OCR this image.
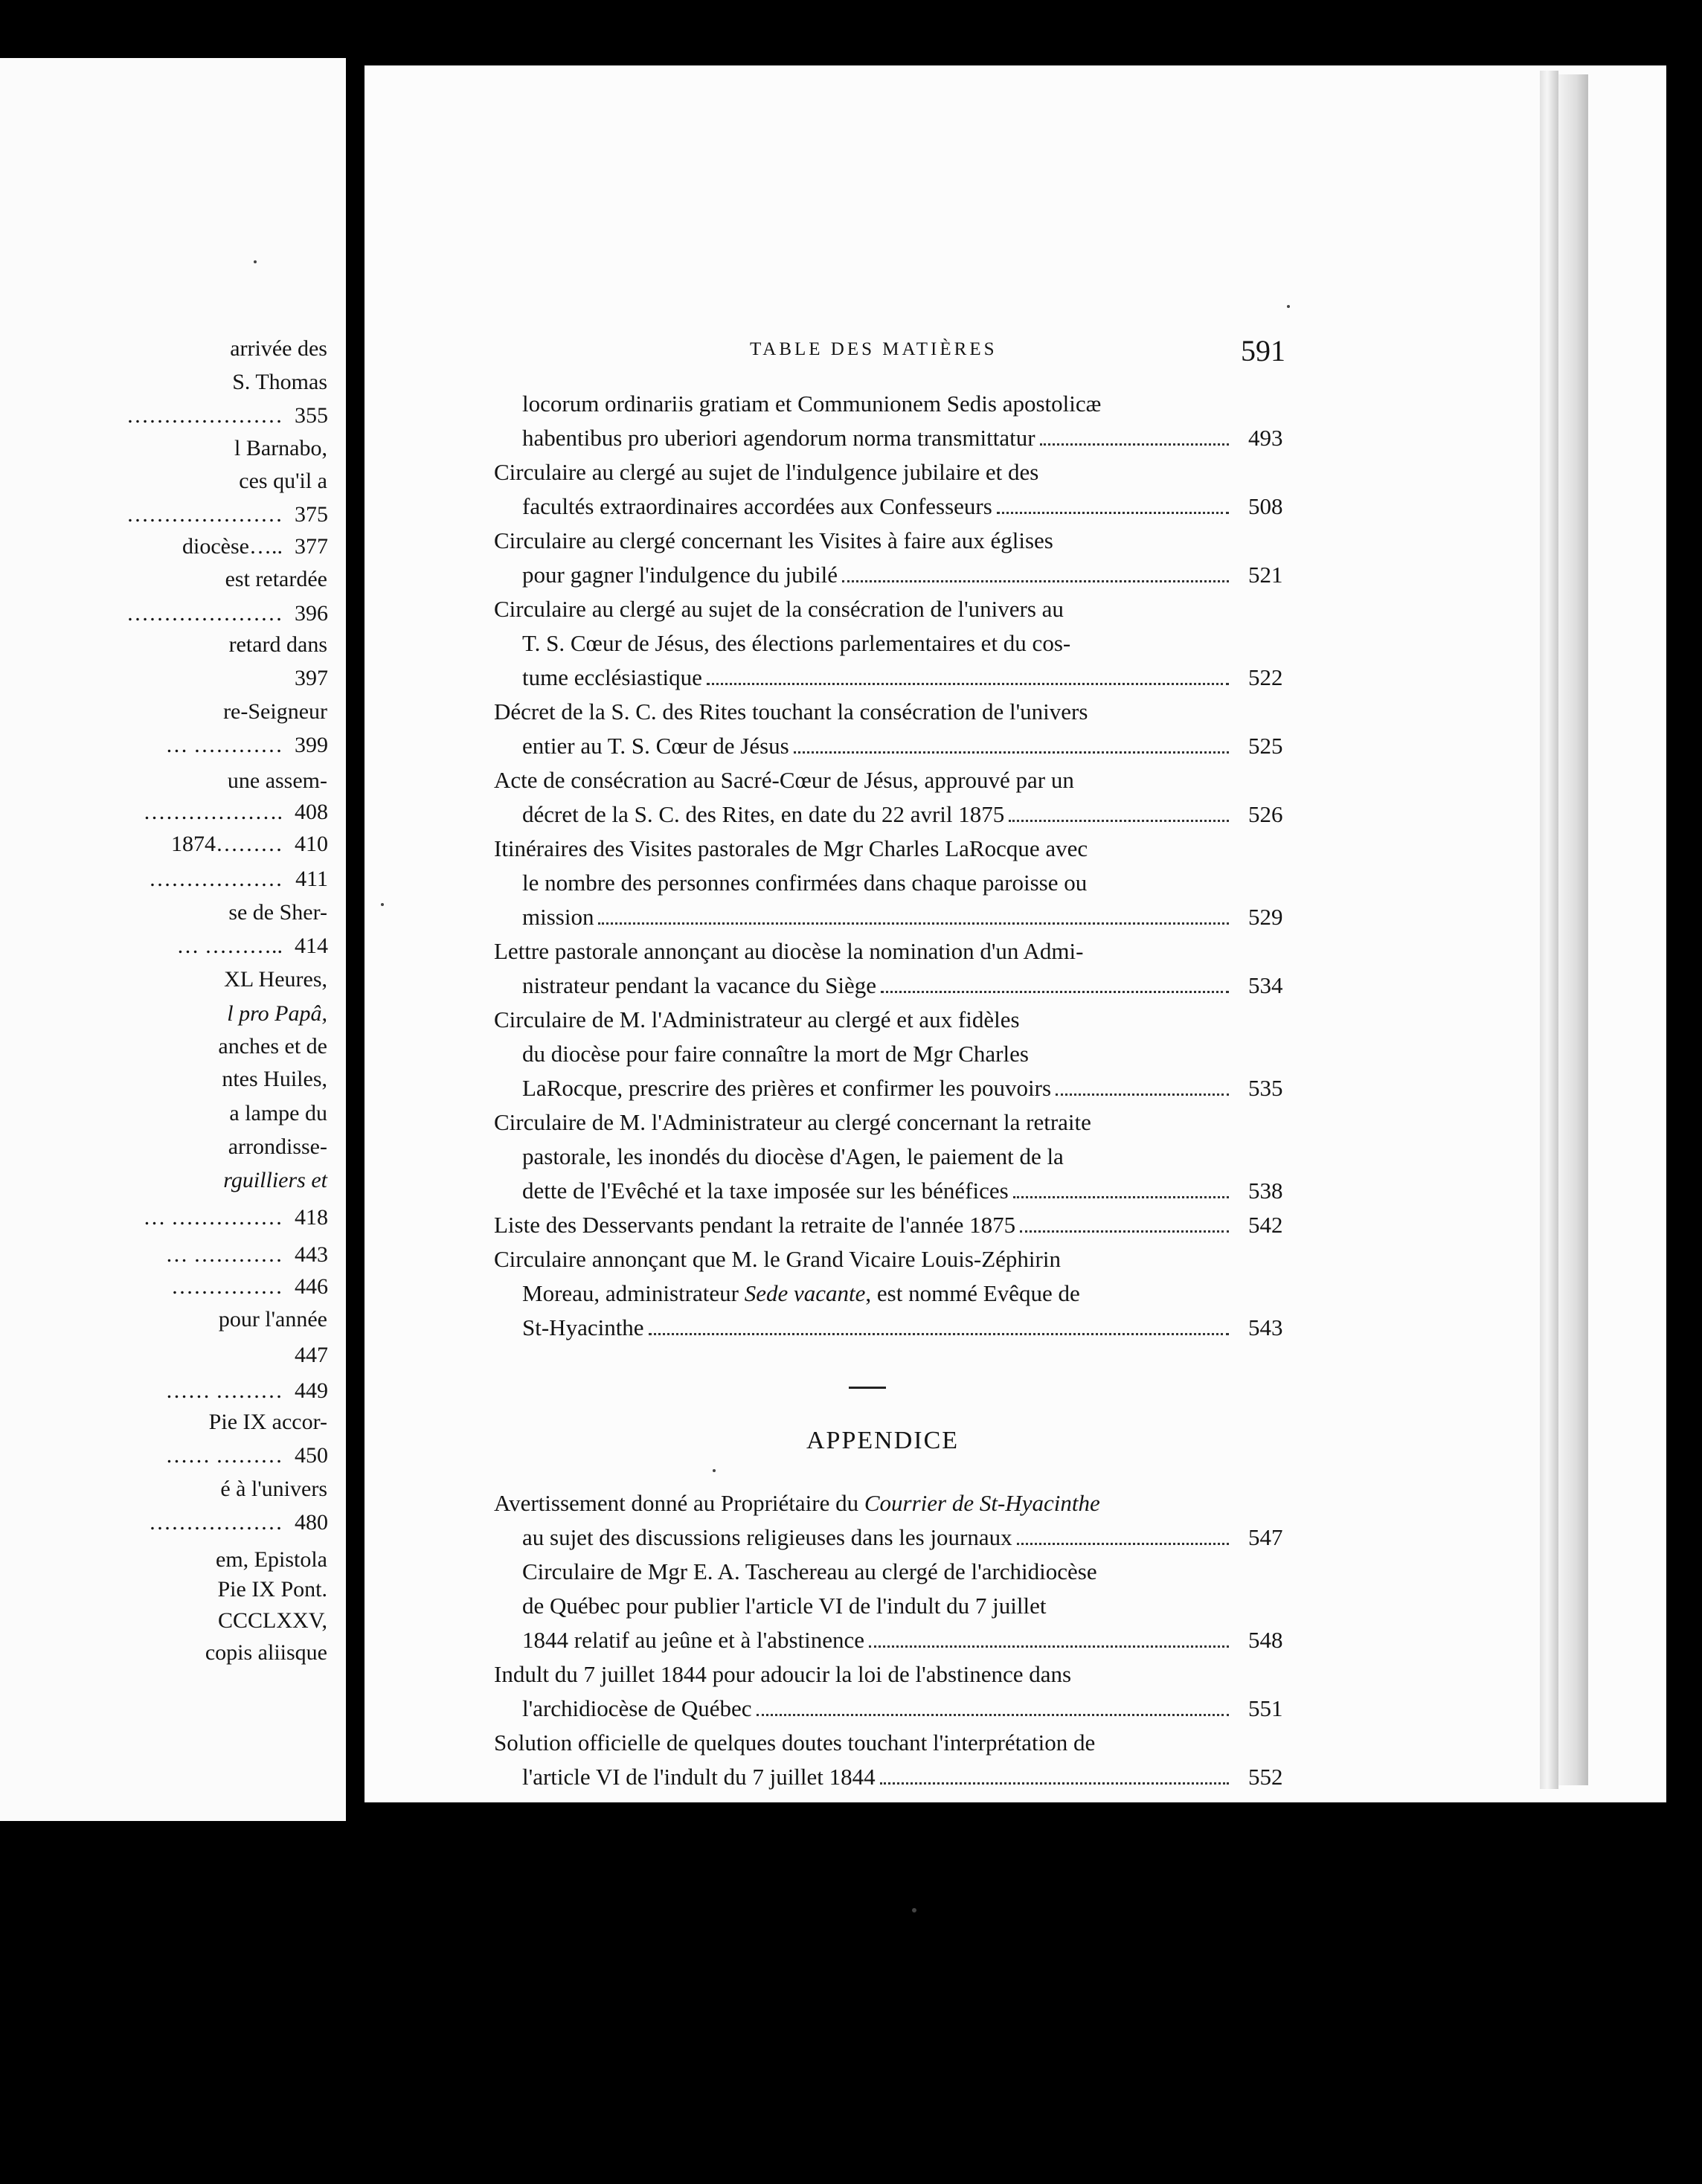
arrivée des
S. Thomas
………………… 355
l Barnabo,
ces qu'il a
………………… 375
diocèse….. 377
est retardée
………………… 396
retard dans
397
re-Seigneur
… ………… 399
une assem-
………………. 408
1874……… 410
……………… 411
se de Sher-
… ……….. 414
XL Heures,
l pro Papâ,
anches et de
ntes Huiles,
a lampe du
arrondisse-
rguilliers et
… …………… 418
… ………… 443
…………… 446
pour l'année
447
…… ……… 449
Pie IX accor-
…… ……… 450
é à l'univers
……………… 480
em, Epistola
Pie IX Pont.
CCCLXXV,
copis aliisque
TABLE DES MATIÈRES	591
locorum ordinariis gratiam et Communionem Sedis apostolicæ
habentibus pro uberiori agendorum norma transmittatur	493
Circulaire au clergé au sujet de l'indulgence jubilaire et des
facultés extraordinaires accordées aux Confesseurs	508
Circulaire au clergé concernant les Visites à faire aux églises
pour gagner l'indulgence du jubilé	521
Circulaire au clergé au sujet de la consécration de l'univers au
T. S. Cœur de Jésus, des élections parlementaires et du cos-
tume ecclésiastique	522
Décret de la S. C. des Rites touchant la consécration de l'univers
entier au T. S. Cœur de Jésus	525
Acte de consécration au Sacré-Cœur de Jésus, approuvé par un
décret de la S. C. des Rites, en date du 22 avril 1875	526
Itinéraires des Visites pastorales de Mgr Charles LaRocque avec
le nombre des personnes confirmées dans chaque paroisse ou
mission	529
Lettre pastorale annonçant au diocèse la nomination d'un Admi-
nistrateur pendant la vacance du Siège	534
Circulaire de M. l'Administrateur au clergé et aux fidèles
du diocèse pour faire connaître la mort de Mgr Charles
LaRocque, prescrire des prières et confirmer les pouvoirs	535
Circulaire de M. l'Administrateur au clergé concernant la retraite
pastorale, les inondés du diocèse d'Agen, le paiement de la
dette de l'Evêché et la taxe imposée sur les bénéfices	538
Liste des Desservants pendant la retraite de l'année 1875	542
Circulaire annonçant que M. le Grand Vicaire Louis-Zéphirin
Moreau, administrateur Sede vacante, est nommé Evêque de
St-Hyacinthe	543
APPENDICE
Avertissement donné au Propriétaire du Courrier de St-Hyacinthe
au sujet des discussions religieuses dans les journaux	547
Circulaire de Mgr E. A. Taschereau au clergé de l'archidiocèse
de Québec pour publier l'article VI de l'indult du 7 juillet
1844 relatif au jeûne et à l'abstinence	548
Indult du 7 juillet 1844 pour adoucir la loi de l'abstinence dans
l'archidiocèse de Québec	551
Solution officielle de quelques doutes touchant l'interprétation de
l'article VI de l'indult du 7 juillet 1844	552
